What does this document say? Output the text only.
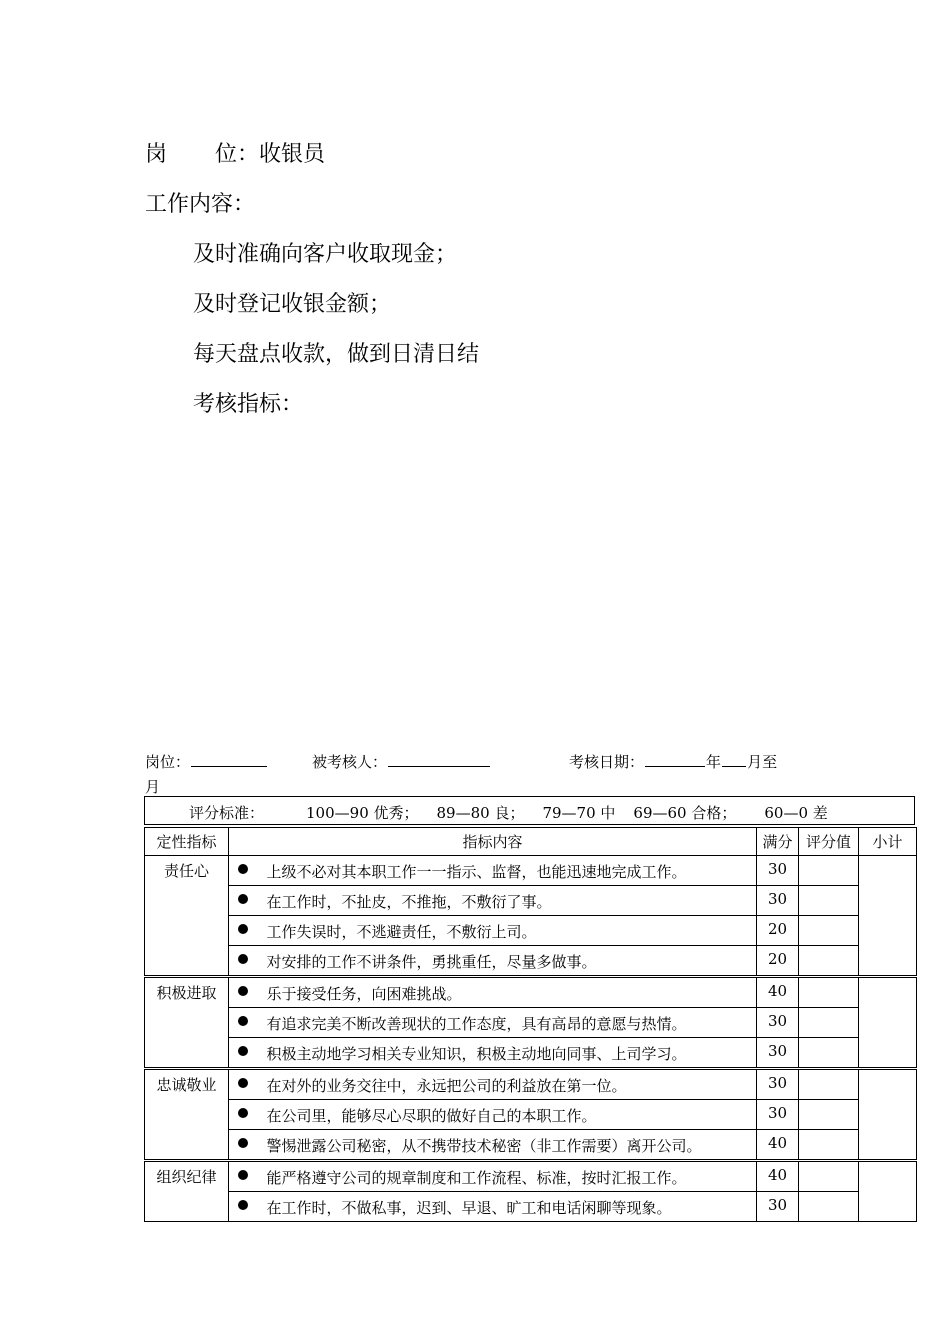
岗 位：收银员
工作内容：
及时准确向客户收取现金；
及时登记收银金额；
每天盘点收款，做到日清日结
考核指标：
岗位：	被考核人：	考核日期：	年 月至
月
评分标准：	100—90 优秀； 89—80 良； 79—70 中 69—60 合格； 60—0 差
定性指标	指标内容		满分	评分值	小计
责任心		上级不必对其本职工作一一指示、监督，也能迅速地完成工作。	30		
		在工作时，不扯皮，不推拖，不敷衍了事。	30		
		工作失误时，不逃避责任，不敷衍上司。	20		
		对安排的工作不讲条件，勇挑重任，尽量多做事。	20		
积极进取		乐于接受任务，向困难挑战。	40		
		有追求完美不断改善现状的工作态度，具有高昂的意愿与热情。	30		
		积极主动地学习相关专业知识，积极主动地向同事、上司学习。	30		
忠诚敬业		在对外的业务交往中，永远把公司的利益放在第一位。	30		
		在公司里，能够尽心尽职的做好自己的本职工作。	30		
		警惕泄露公司秘密，从不携带技术秘密（非工作需要）离开公司。	40		
组织纪律		能严格遵守公司的规章制度和工作流程、标准，按时汇报工作。	40		
		在工作时，不做私事，迟到、早退、旷工和电话闲聊等现象。	30		
